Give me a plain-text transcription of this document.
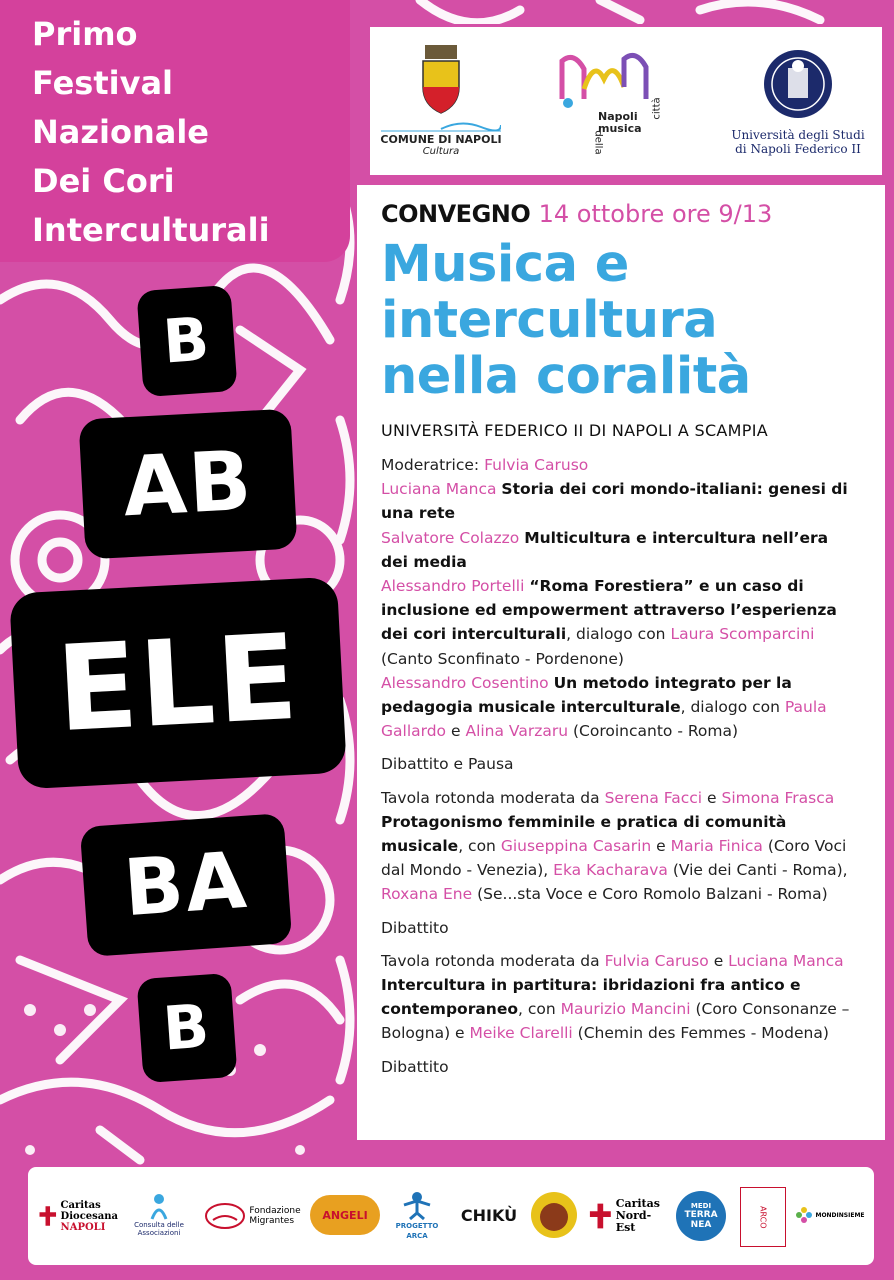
Primo
Festival
Nazionale
Dei Cori
Interculturali
B
AB
ELE
BA
B
COMUNE DI NAPOLI
Cultura
Napoli
musica
città
della	Università degli Studi
di Napoli Federico II
CONVEGNO 14 ottobre ore 9/13
Musica e
intercultura
nella coralità
UNIVERSITÀ FEDERICO II DI NAPOLI A SCAMPIA

Moderatrice: Fulvia Caruso

Luciana Manca Storia dei cori mondo-italiani: genesi di una rete

Salvatore Colazzo Multicultura e intercultura nell’era dei media

Alessandro Portelli “Roma Forestiera” e un caso di inclusione ed empowerment attraverso l’esperienza dei cori interculturali, dialogo con Laura Scomparcini (Canto Sconfinato - Pordenone)

Alessandro Cosentino Un metodo integrato per la pedagogia musicale interculturale, dialogo con Paula Gallardo e Alina Varzaru (Coroincanto - Roma)

Dibattito e Pausa

Tavola rotonda moderata da Serena Facci e Simona Frasca Protagonismo femminile e pratica di comunità musicale, con Giuseppina Casarin e Maria Finica (Coro Voci dal Mondo - Venezia), Eka Kacharava (Vie dei Canti - Roma), Roxana Ene (Se...sta Voce e Coro Romolo Balzani - Roma)

Dibattito

Tavola rotonda moderata da Fulvia Caruso e Luciana Manca Intercultura in partitura: ibridazioni fra antico e contemporaneo, con Maurizio Mancini (Coro Consonanze – Bologna) e Meike Clarelli (Chemin des Femmes - Modena)

Dibattito

Caritas
Diocesana
NAPOLI	Consulta delle Associazioni
Fondazione
Migrantes	ANGELI
PROGETTO ARCA
CHIKÙ
Caritas
Nord-Est
MEDI
TERRA
NEA	ARCO	MONDINSIEME
